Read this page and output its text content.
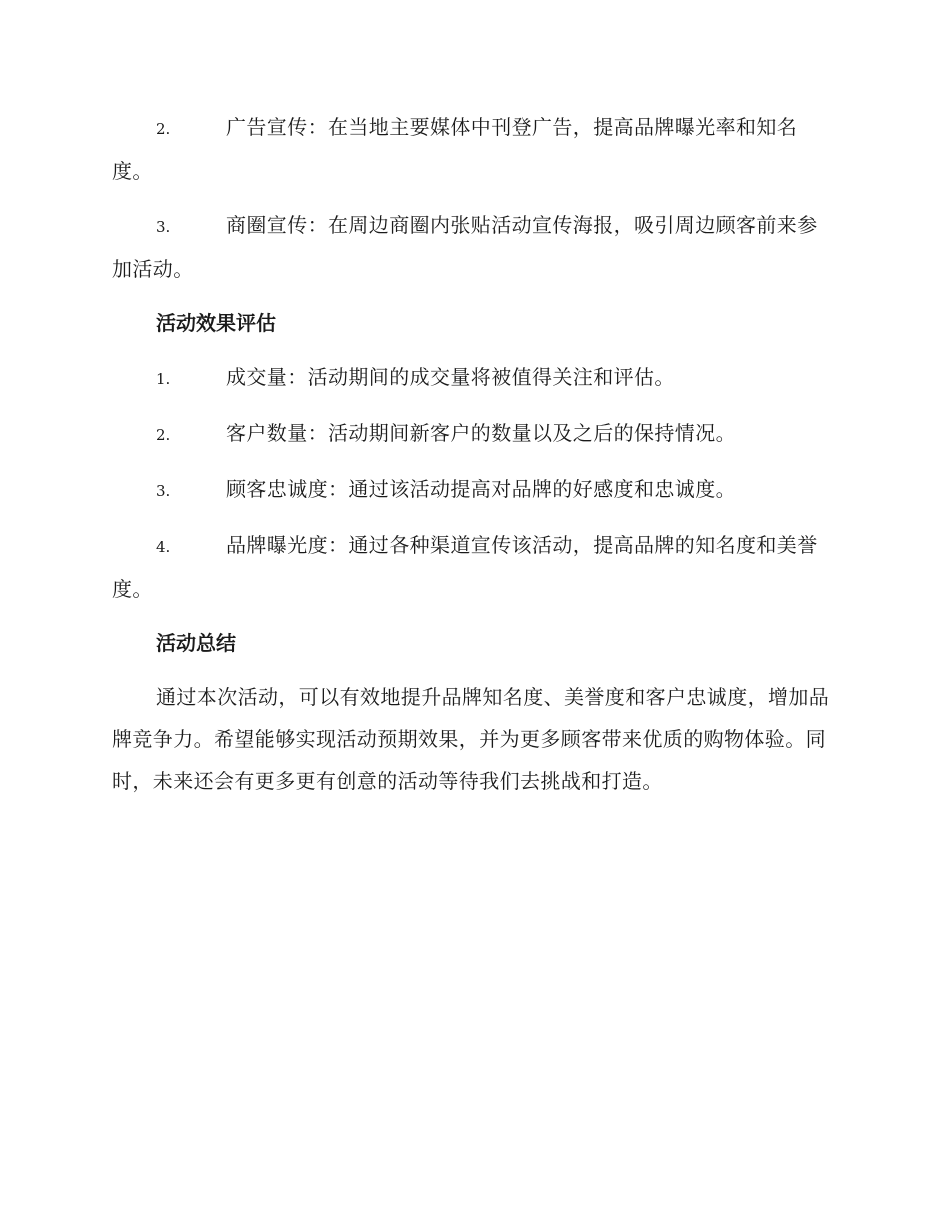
2.	广告宣传：在当地主要媒体中刊登广告，提高品牌曝光率和知名度。
3.	商圈宣传：在周边商圈内张贴活动宣传海报，吸引周边顾客前来参加活动。
活动效果评估
1.	成交量：活动期间的成交量将被值得关注和评估。
2.	客户数量：活动期间新客户的数量以及之后的保持情况。
3.	顾客忠诚度：通过该活动提高对品牌的好感度和忠诚度。
4.	品牌曝光度：通过各种渠道宣传该活动，提高品牌的知名度和美誉度。
活动总结

通过本次活动，可以有效地提升品牌知名度、美誉度和客户忠诚度，增加品牌竞争力。希望能够实现活动预期效果，并为更多顾客带来优质的购物体验。同时，未来还会有更多更有创意的活动等待我们去挑战和打造。
